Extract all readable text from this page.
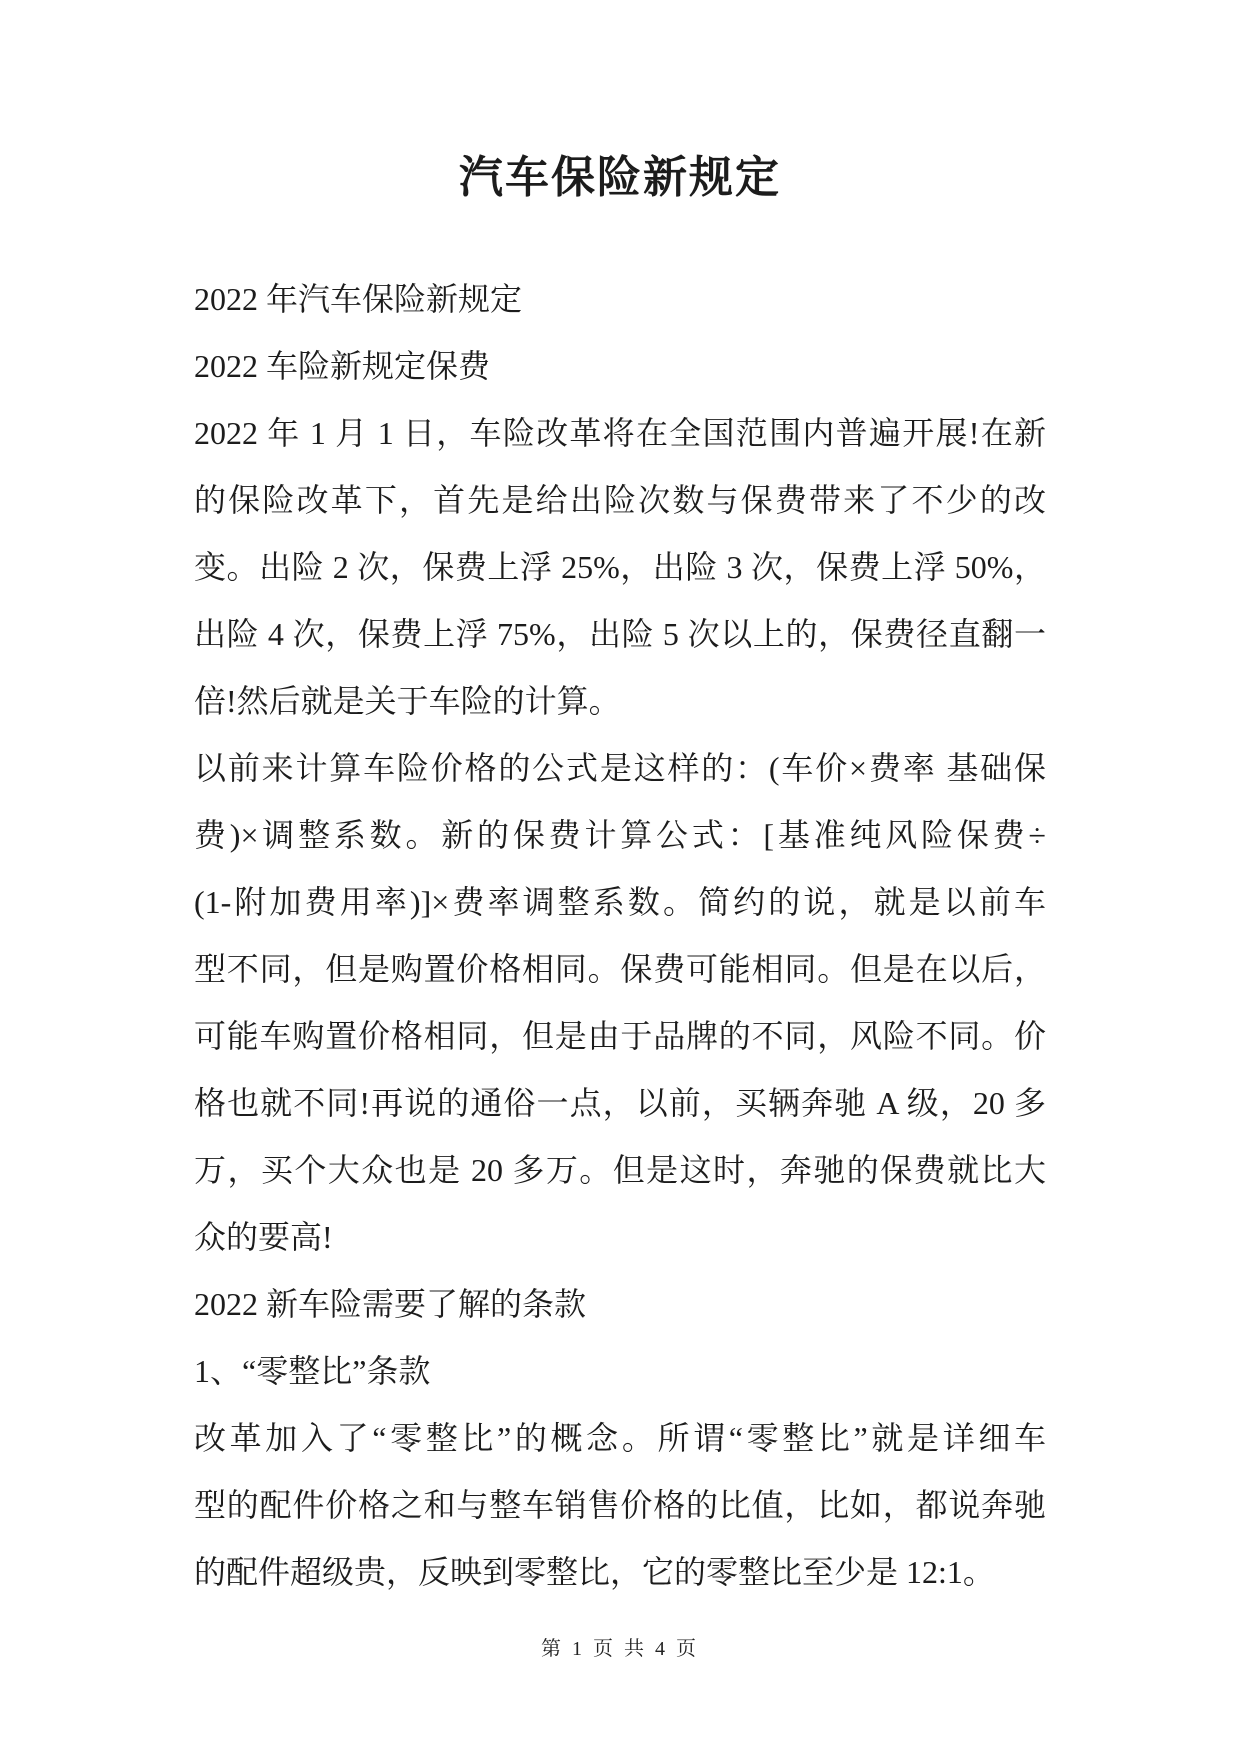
汽车保险新规定
2022 年汽车保险新规定
2022 车险新规定保费
2022 年 1 月 1 日，车险改革将在全国范围内普遍开展!在新
的保险改革下，首先是给出险次数与保费带来了不少的改
变。出险 2 次，保费上浮 25%，出险 3 次，保费上浮 50%，
出险 4 次，保费上浮 75%，出险 5 次以上的，保费径直翻一
倍!然后就是关于车险的计算。
以前来计算车险价格的公式是这样的：(车价×费率 基础保
费)×调整系数。新的保费计算公式：[基准纯风险保费÷
(1-附加费用率)]×费率调整系数。简约的说，就是以前车
型不同，但是购置价格相同。保费可能相同。但是在以后，
可能车购置价格相同，但是由于品牌的不同，风险不同。价
格也就不同!再说的通俗一点，以前，买辆奔驰 A 级，20 多
万，买个大众也是 20 多万。但是这时，奔驰的保费就比大
众的要高!
2022 新车险需要了解的条款
1、“零整比”条款
改革加入了“零整比”的概念。所谓“零整比”就是详细车
型的配件价格之和与整车销售价格的比值，比如，都说奔驰
的配件超级贵，反映到零整比，它的零整比至少是 12:1。
第 1 页 共 4 页
